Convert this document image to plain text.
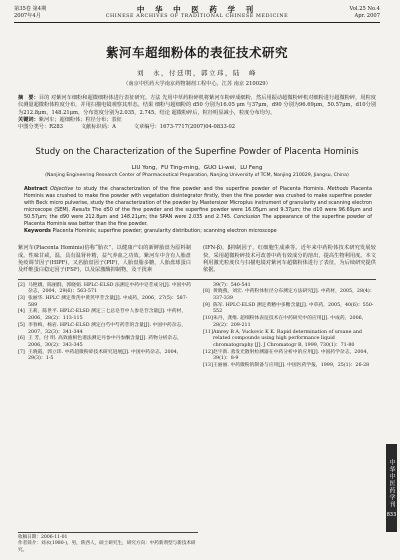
第35卷 第4期
2007年4月
中 华 中 医 药 学 刊
CHINESE ARCHIVES OF TRADITIONAL CHINESE MEDICINE
Vol.25 No.4
Apr. 2007
紫河车超细粉体的表征技术研究
刘　永，付廷明，郭立玮，陆　峰
（南京中医药大学南京药物制剂工程中心，江苏 南京 210029）
摘　要：目的 对紫河车细粉和超微细粉体进行表征研究。方法 先用中草药粉碎机将紫河车粉碎成细粉，然后用振动超微粉碎机对细粉进行超微粉碎，用粒度仪测量超微粉体粒度分布，并用扫描电镜观察其形态。结果 细粉与超细粉的 d50 分别为16.05 μm 与37μm，d90 分别为96.69μm，50.57μm，d10分别为212.8μm，148.21μm，分布宽度分别为2.035，2.745。结论 超微粉碎后，粒径明显减小，粒度分布均匀。
关键词：紫河车；超细粉体；粒径分布；表征
中图分类号：R283	文献标识码：A	文章编号：1673-7717(2007)04-0833-02
Study on the Characterization of the Superfine Powder of Placenta Hominis
LIU Yong，FU Ting-ming，GUO Li-wei，LU Feng
(Nanjing Engineering Research Center of Pharmaceutical Preparation, Nanjing University of TCM, Nanjing 210029, Jiangsu, China)
Abstract Objective to study the characterization of the fine powder and the superfine powder of Placenta Hominis. Methods Placenta Hominis was crushed to make fine powder with vegetation disintegrator firstly, then the fine powder was crushed to make superfine powder with Beck micro pulverise, study the characterization of the powder by Mastersizer Microplus instrument of granularity and scanning electron microscope (SEM). Results The d50 of the fine powder and the superfine powder were 16.05μm and 9.37μm; the d10 were 96.69μm and 50.57μm; the d90 were 212.8μm and 148.21μm; the SPAN were 2.035 and 2.745. Conclusion The appearance of the superfine powder of Placenta Hominis was better than the fine powder.
Keywords Placenta Hominis; superfine powder; granularity distribution; scanning electron microscope
紫河车(Placenta Hominis)俗称“胎衣”，以健康产妇的新鲜胎盘为原料制成。性味甘咸，温，具有温肾补精，益气养血之功效。紫河车中含有人胎盘免疫调节因子(HIPF)，又名胎盘因子(PIF)，人胎盘脂多糖，人胎盘球蛋白及纤维蛋白稳定因子(FSF)，以及尿激酶抑制物，及干扰素
(IFN-β)，β抑制因子，红细胞生成素等。近年来中药粉体技术研究发展较快，采用超微粉碎技术可改善中药有效成分的溶出，提高生物利用度。本文利用激光粒度仪与扫描电镜对紫河车超微粉体进行了表征，为后续研究提供依据。
[2] 马艳娥，陈丽群，郭晓娟. HPLC-ELSD 法测定中药中皂苷成分[J]. 中国中药杂志，2004，29(6)：563-571
[3] 张丽华. HPLC 测定黄芪中黄芪甲苷含量[J]. 中成药，2006，27(5)：587-589
[4] 王莉，陈世平. HPLC-ELSD 测定三七总皂苷中人参皂苷含量[J]. 中药材，2006，28(2)：113-115
[5] 李春梅，杨岩. HPLC-ELSD 测定白芍中芍药苷的含量[J]. 中国中药杂志，2007，32(3)：341-344
[6] 王 芳，付 明. 高效液相色谱法测定丹参中丹参酮含量[J]. 药物分析杂志，2006，30(2)：343-345
[7] 王晓霞，郭立玮. 中药超微粉碎技术研究进展[J]. 中国中药杂志，2004，29(3)：1-5
39(7)：540-541
[8] 黄晓燕，刘宏. 中药粉体粒径分布测定方法研究[J]. 中药材，2005，28(4)：337-339
[9] 陈军. HPLC-ELSD 测定黄精中多糖含量[J]. 中草药，2005，40(6)：550-552
[10] 朱丹，龚维. 超细粉体表征技术在中药研究中的应用[J]. 中成药，2006，28(2)：209-211
[11] Amrey B A, Vuckovic K K. Rapid determination of ursane and related compounds using high performance liquid chromatography [J]. J Chromatogr B, 1999, 730(1)：71-80
[12] 赵宇新. 蒸发光散射检测器在中药分析中的应用[J]. 中国药学杂志，2004，39(1)：8-9
[13] 王丽丽. 中药微粉的制备与应用[J]. 中国医药学报，1999，25(1)：26-28
收稿日期：2006-11-01
作者简介：刘永(1980-)，男，陕西人，硕士研究生，研究方向：中药新剂型与新技术研究。
中华中医药学刊
833
